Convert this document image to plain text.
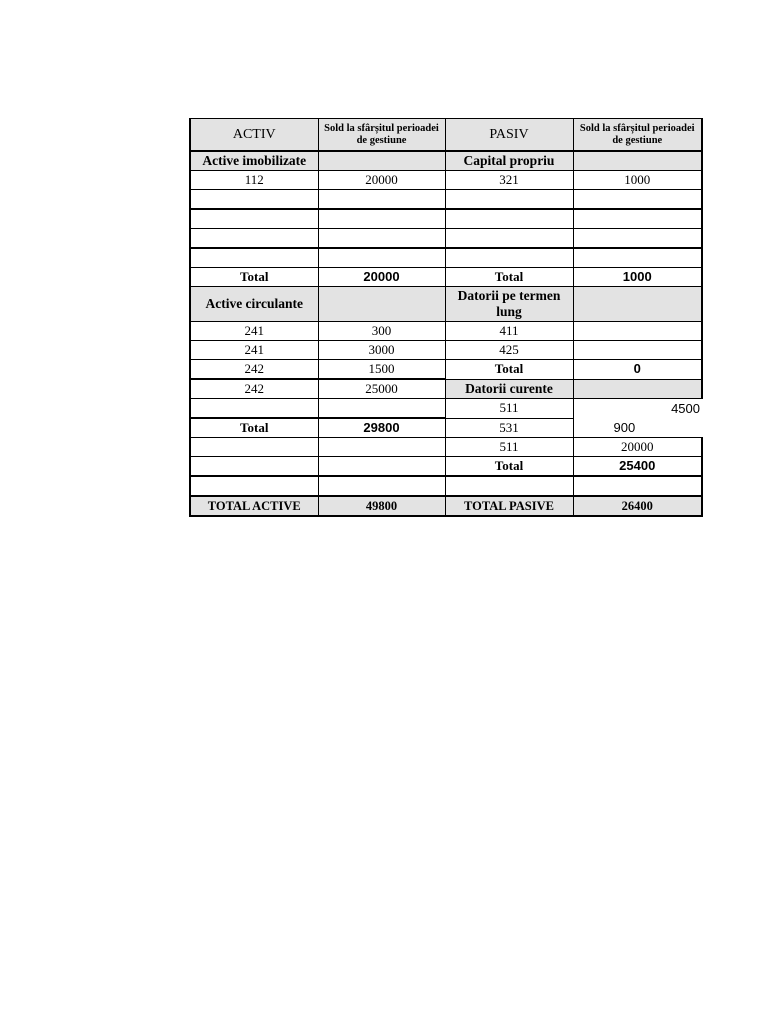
ACTIV	Sold la sfârșitul perioadei de gestiune	PASIV	Sold la sfârșitul perioadei de gestiune
Active imobilizate		Capital propriu	
112	20000	321	1000

Total	20000	Total	1000
Active circulante		Datorii pe termen lung	
241	300	411	
241	3000	425	
242	1500	Total	0
242	25000	Datorii curente	
		511	4500
Total	29800	531	900
		511	20000
		Total	25400

TOTAL ACTIVE	49800	TOTAL PASIVE	26400
